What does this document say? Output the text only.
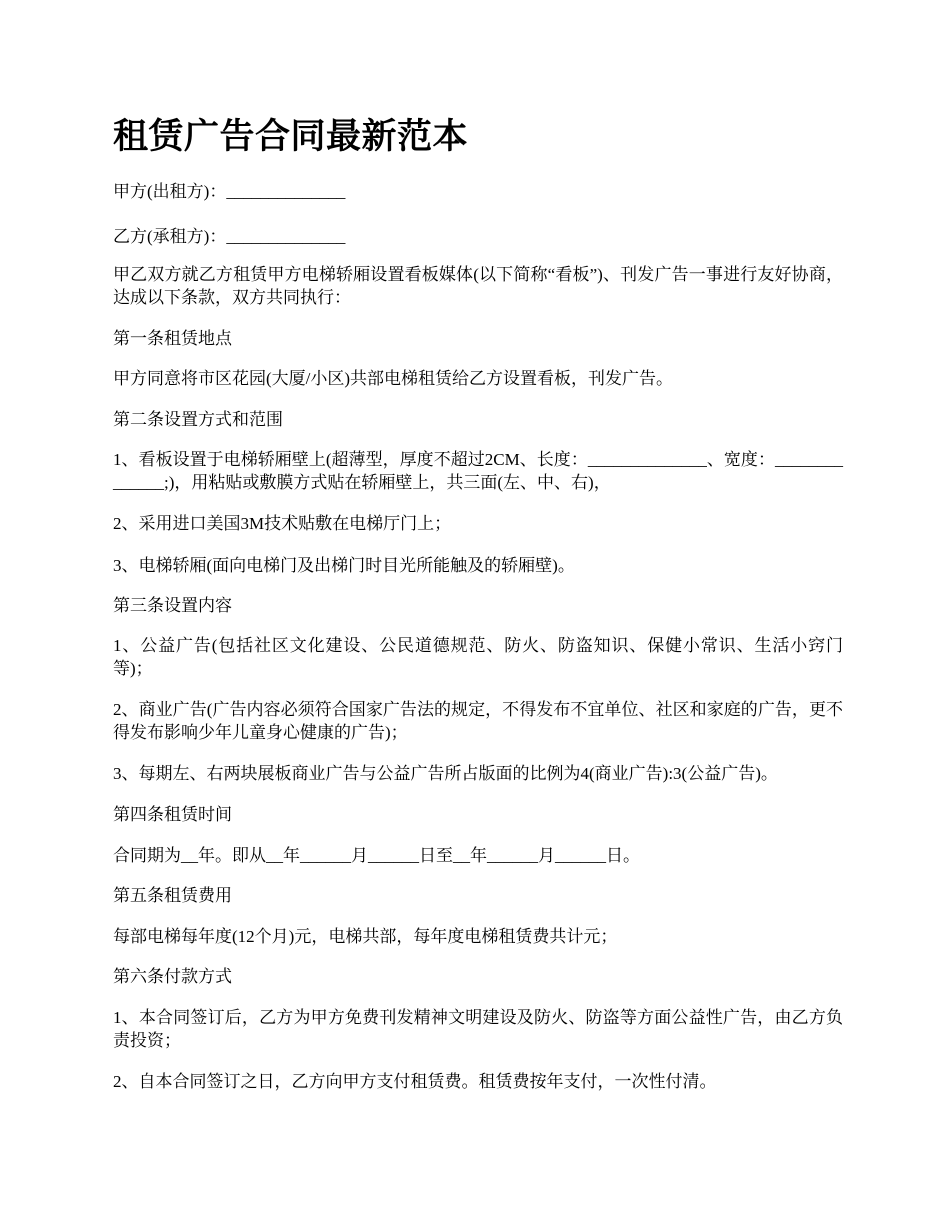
租赁广告合同最新范本

甲方(出租方)：______________

乙方(承租方)：______________

甲乙双方就乙方租赁甲方电梯轿厢设置看板媒体(以下简称“看板”)、刊发广告一事进行友好协商，达成以下条款，双方共同执行：

第一条租赁地点

甲方同意将市区花园(大厦/小区)共部电梯租赁给乙方设置看板，刊发广告。

第二条设置方式和范围

1、看板设置于电梯轿厢壁上(超薄型，厚度不超过2CM、长度：______________、宽度：______________;)，用粘贴或敷膜方式贴在轿厢壁上，共三面(左、中、右)，

2、采用进口美国3M技术贴敷在电梯厅门上；

3、电梯轿厢(面向电梯门及出梯门时目光所能触及的轿厢壁)。

第三条设置内容

1、公益广告(包括社区文化建设、公民道德规范、防火、防盗知识、保健小常识、生活小窍门等)；

2、商业广告(广告内容必须符合国家广告法的规定，不得发布不宜单位、社区和家庭的广告，更不得发布影响少年儿童身心健康的广告)；

3、每期左、右两块展板商业广告与公益广告所占版面的比例为4(商业广告):3(公益广告)。

第四条租赁时间

合同期为__年。即从__年______月______日至__年______月______日。

第五条租赁费用

每部电梯每年度(12个月)元，电梯共部，每年度电梯租赁费共计元；

第六条付款方式

1、本合同签订后，乙方为甲方免费刊发精神文明建设及防火、防盗等方面公益性广告，由乙方负责投资；

2、自本合同签订之日，乙方向甲方支付租赁费。租赁费按年支付，一次性付清。
